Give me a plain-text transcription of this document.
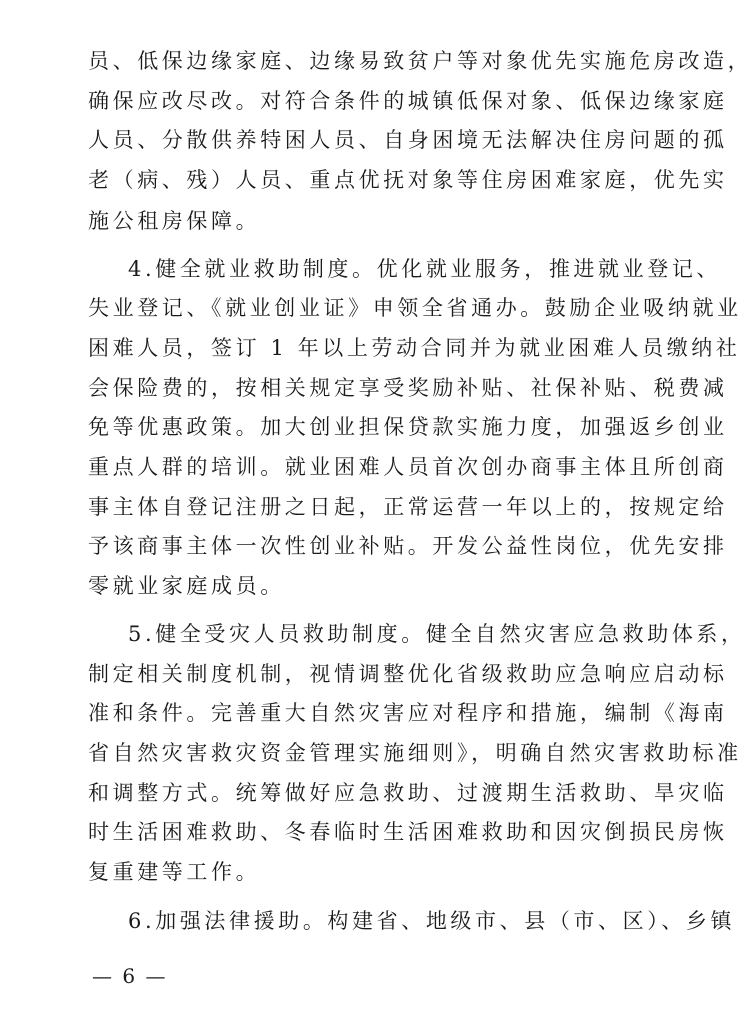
员、低保边缘家庭、边缘易致贫户等对象优先实施危房改造，
确保应改尽改。对符合条件的城镇低保对象、低保边缘家庭
人员、分散供养特困人员、自身困境无法解决住房问题的孤
老（病、残）人员、重点优抚对象等住房困难家庭，优先实
施公租房保障。
4.健全就业救助制度。优化就业服务，推进就业登记、
失业登记、《就业创业证》申领全省通办。鼓励企业吸纳就业
困难人员，签订 1 年以上劳动合同并为就业困难人员缴纳社
会保险费的，按相关规定享受奖励补贴、社保补贴、税费减
免等优惠政策。加大创业担保贷款实施力度，加强返乡创业
重点人群的培训。就业困难人员首次创办商事主体且所创商
事主体自登记注册之日起，正常运营一年以上的，按规定给
予该商事主体一次性创业补贴。开发公益性岗位，优先安排
零就业家庭成员。
5.健全受灾人员救助制度。健全自然灾害应急救助体系，
制定相关制度机制，视情调整优化省级救助应急响应启动标
准和条件。完善重大自然灾害应对程序和措施，编制《海南
省自然灾害救灾资金管理实施细则》，明确自然灾害救助标准
和调整方式。统筹做好应急救助、过渡期生活救助、旱灾临
时生活困难救助、冬春临时生活困难救助和因灾倒损民房恢
复重建等工作。
6.加强法律援助。构建省、地级市、县（市、区）、乡镇
— 6 —
